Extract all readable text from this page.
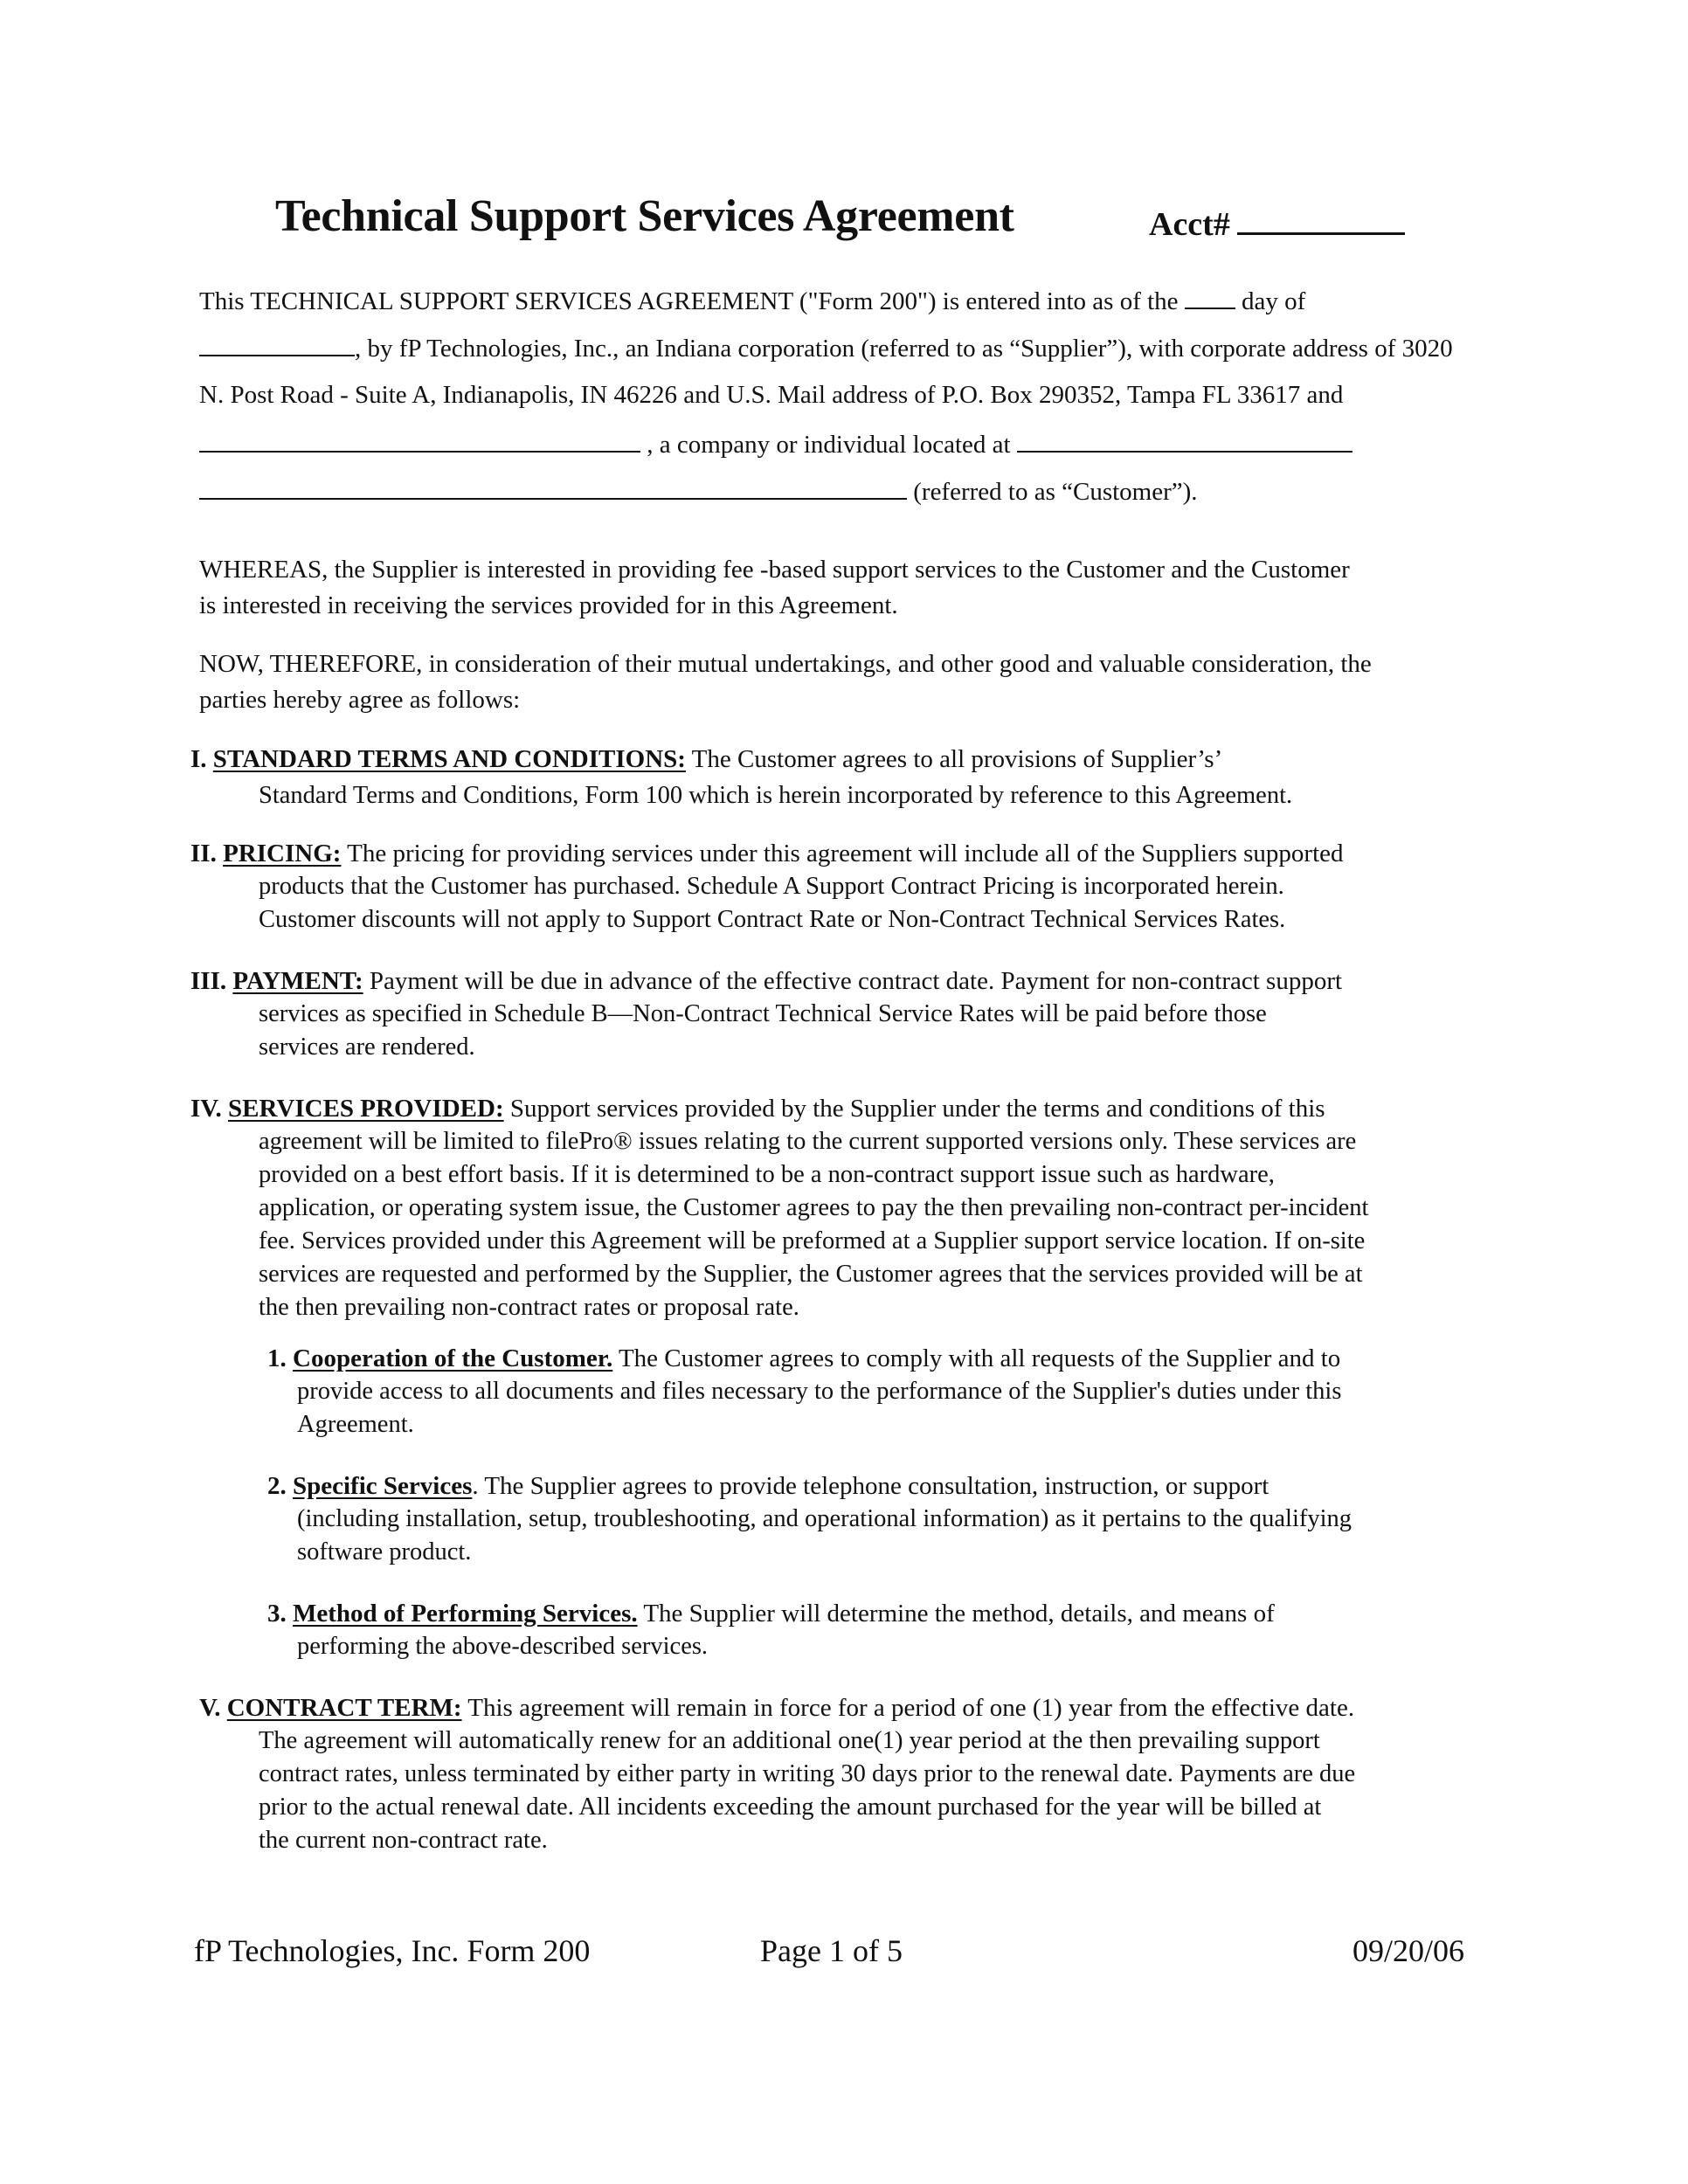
Technical Support Services Agreement	Acct#
This TECHNICAL SUPPORT SERVICES AGREEMENT ("Form 200") is entered into as of the	day of
, by fP Technologies, Inc., an Indiana corporation (referred to as “Supplier”), with corporate address of 3020
N. Post Road - Suite A, Indianapolis, IN 46226 and U.S. Mail address of P.O. Box 290352, Tampa FL 33617 and
, a company or individual located at
(referred to as “Customer”).
WHEREAS, the Supplier is interested in providing fee -based support services to the Customer and the Customer
is interested in receiving the services provided for in this Agreement.
NOW, THEREFORE, in consideration of their mutual undertakings, and other good and valuable consideration, the
parties hereby agree as follows:
I. STANDARD TERMS AND CONDITIONS: The Customer agrees to all provisions of Supplier’s’
Standard Terms and Conditions, Form 100 which is herein incorporated by reference to this Agreement.
II. PRICING: The pricing for providing services under this agreement will include all of the Suppliers supported
products that the Customer has purchased. Schedule A Support Contract Pricing is incorporated herein.
Customer discounts will not apply to Support Contract Rate or Non-Contract Technical Services Rates.
III. PAYMENT: Payment will be due in advance of the effective contract date. Payment for non-contract support
services as specified in Schedule B—Non-Contract Technical Service Rates will be paid before those
services are rendered.
IV. SERVICES PROVIDED: Support services provided by the Supplier under the terms and conditions of this
agreement will be limited to filePro® issues relating to the current supported versions only. These services are
provided on a best effort basis. If it is determined to be a non-contract support issue such as hardware,
application, or operating system issue, the Customer agrees to pay the then prevailing non-contract per-incident
fee. Services provided under this Agreement will be preformed at a Supplier support service location. If on-site
services are requested and performed by the Supplier, the Customer agrees that the services provided will be at
the then prevailing non-contract rates or proposal rate.
1. Cooperation of the Customer. The Customer agrees to comply with all requests of the Supplier and to
provide access to all documents and files necessary to the performance of the Supplier's duties under this
Agreement.
2. Specific Services. The Supplier agrees to provide telephone consultation, instruction, or support
(including installation, setup, troubleshooting, and operational information) as it pertains to the qualifying
software product.
3. Method of Performing Services. The Supplier will determine the method, details, and means of
performing the above-described services.
V. CONTRACT TERM: This agreement will remain in force for a period of one (1) year from the effective date.
The agreement will automatically renew for an additional one(1) year period at the then prevailing support
contract rates, unless terminated by either party in writing 30 days prior to the renewal date. Payments are due
prior to the actual renewal date. All incidents exceeding the amount purchased for the year will be billed at
the current non-contract rate.
fP Technologies, Inc. Form 200	Page 1 of 5	09/20/06
